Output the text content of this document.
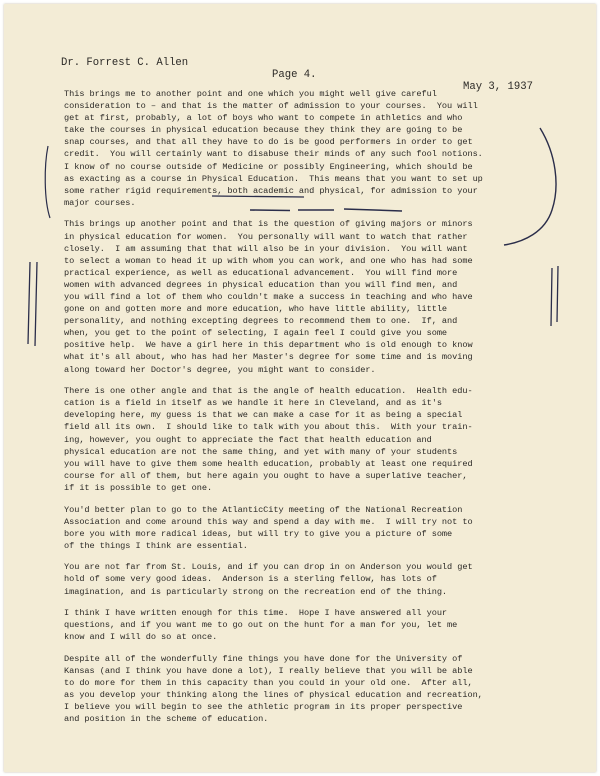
Dr. Forrest C. Allen

Page 4.

May 3, 1937

This brings me to another point and one which you might well give careful
consideration to – and that is the matter of admission to your courses.  You will
get at first, probably, a lot of boys who want to compete in athletics and who
take the courses in physical education because they think they are going to be
snap courses, and that all they have to do is be good performers in order to get
credit.  You will certainly want to disabuse their minds of any such fool notions.
I know of no course outside of Medicine or possibly Engineering, which should be
as exacting as a course in Physical Education.  This means that you want to set up
some rather rigid requirements, both academic and physical, for admission to your
major courses.
This brings up another point and that is the question of giving majors or minors
in physical education for women.  You personally will want to watch that rather
closely.  I am assuming that that will also be in your division.  You will want
to select a woman to head it up with whom you can work, and one who has had some
practical experience, as well as educational advancement.  You will find more
women with advanced degrees in physical education than you will find men, and
you will find a lot of them who couldn't make a success in teaching and who have
gone on and gotten more and more education, who have little ability, little
personality, and nothing excepting degrees to recommend them to one.  If, and
when, you get to the point of selecting, I again feel I could give you some
positive help.  We have a girl here in this department who is old enough to know
what it's all about, who has had her Master's degree for some time and is moving
along toward her Doctor's degree, you might want to consider.
There is one other angle and that is the angle of health education.  Health edu-
cation is a field in itself as we handle it here in Cleveland, and as it's
developing here, my guess is that we can make a case for it as being a special
field all its own.  I should like to talk with you about this.  With your train-
ing, however, you ought to appreciate the fact that health education and
physical education are not the same thing, and yet with many of your students
you will have to give them some health education, probably at least one required
course for all of them, but here again you ought to have a superlative teacher,
if it is possible to get one.
You'd better plan to go to the AtlanticCity meeting of the National Recreation
Association and come around this way and spend a day with me.  I will try not to
bore you with more radical ideas, but will try to give you a picture of some
of the things I think are essential.
You are not far from St. Louis, and if you can drop in on Anderson you would get
hold of some very good ideas.  Anderson is a sterling fellow, has lots of
imagination, and is particularly strong on the recreation end of the thing.
I think I have written enough for this time.  Hope I have answered all your
questions, and if you want me to go out on the hunt for a man for you, let me
know and I will do so at once.
Despite all of the wonderfully fine things you have done for the University of
Kansas (and I think you have done a lot), I really believe that you will be able
to do more for them in this capacity than you could in your old one.  After all,
as you develop your thinking along the lines of physical education and recreation,
I believe you will begin to see the athletic program in its proper perspective
and position in the scheme of education.
